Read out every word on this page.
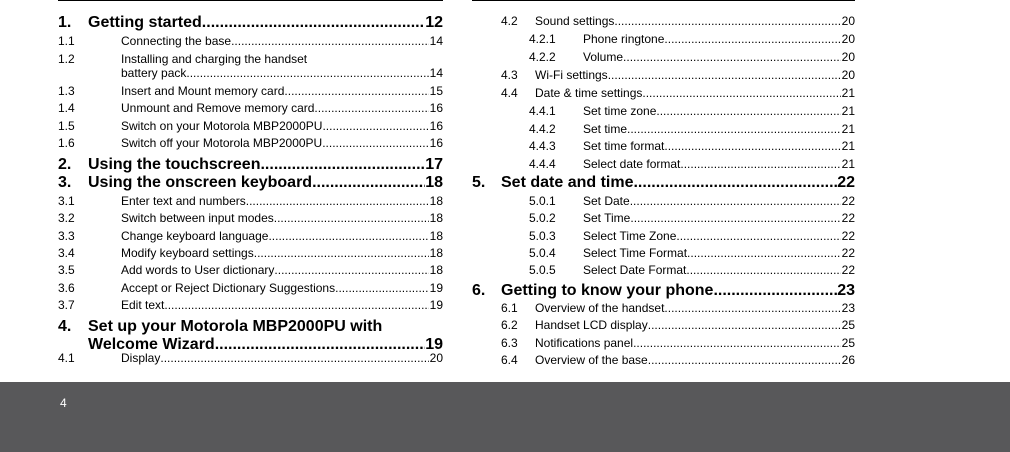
1. Getting started .....	12
1.1	Connecting the base .....	14
1.2	Installing and charging the handset
battery pack .....	14
1.3	Insert and Mount memory card .....	15
1.4	Unmount and Remove memory card .....	16
1.5	Switch on your Motorola MBP2000PU .....	16
1.6	Switch off your Motorola MBP2000PU .....	16
2. Using the touchscreen .....	17
3. Using the onscreen keyboard .....	18
3.1	Enter text and numbers .....	18
3.2	Switch between input modes .....	18
3.3	Change keyboard language .....	18
3.4	Modify keyboard settings .....	18
3.5	Add words to User dictionary .....	18
3.6	Accept or Reject Dictionary Suggestions .....	19
3.7	Edit text .....	19
4. Set up your Motorola MBP2000PU with
Welcome Wizard .....	19
4.1	Display .....	20
4.2 Sound settings .....	20
4.2.1 Phone ringtone .....	20
4.2.2 Volume .....	20
4.3 Wi-Fi settings .....	20
4.4 Date & time settings .....	21
4.4.1 Set time zone .....	21
4.4.2 Set time .....	21
4.4.3 Set time format .....	21
4.4.4 Select date format .....	21
5. Set date and time .....	22
5.0.1 Set Date .....	22
5.0.2 Set Time .....	22
5.0.3 Select Time Zone .....	22
5.0.4 Select Time Format .....	22
5.0.5 Select Date Format .....	22
6. Getting to know your phone .....	23
6.1 Overview of the handset .....	23
6.2 Handset LCD display .....	25
6.3 Notifications panel .....	25
6.4 Overview of the base .....	26
4
